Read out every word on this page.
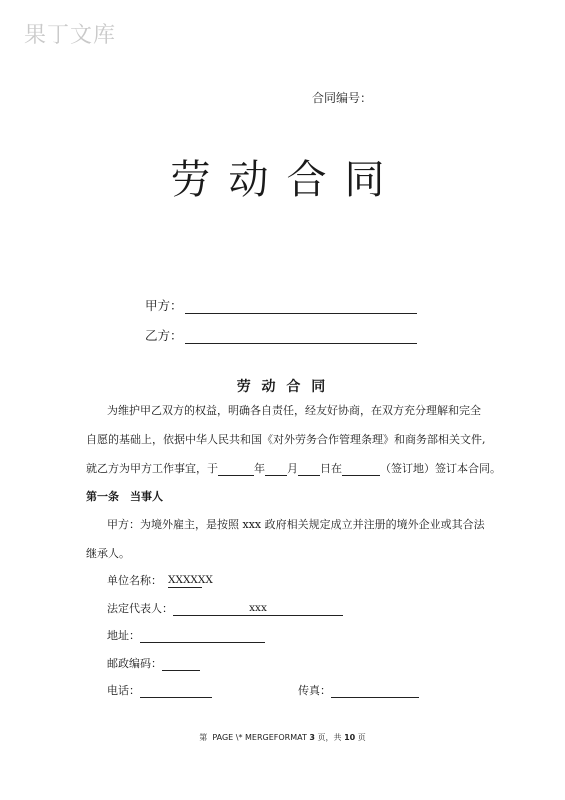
果丁文库
合同编号：
劳动合同
甲方：
乙方：
劳 动 合 同
为维护甲乙双方的权益，明确各自责任，经友好协商，在双方充分理解和完全
自愿的基础上，依据中华人民共和国《对外劳务合作管理条理》和商务部相关文件,
就乙方为甲方工作事宜，于	年 月 日在	（签订地）签订本合同。
第一条　当事人
甲方：为境外雇主，是按照 xxx 政府相关规定成立并注册的境外企业或其合法
继承人。
单位名称： XXXXXX
法定代表人：	xxx
地址：
邮政编码：
电话：	传真：
第 PAGE \* MERGEFORMAT 3 页，共 10 页
